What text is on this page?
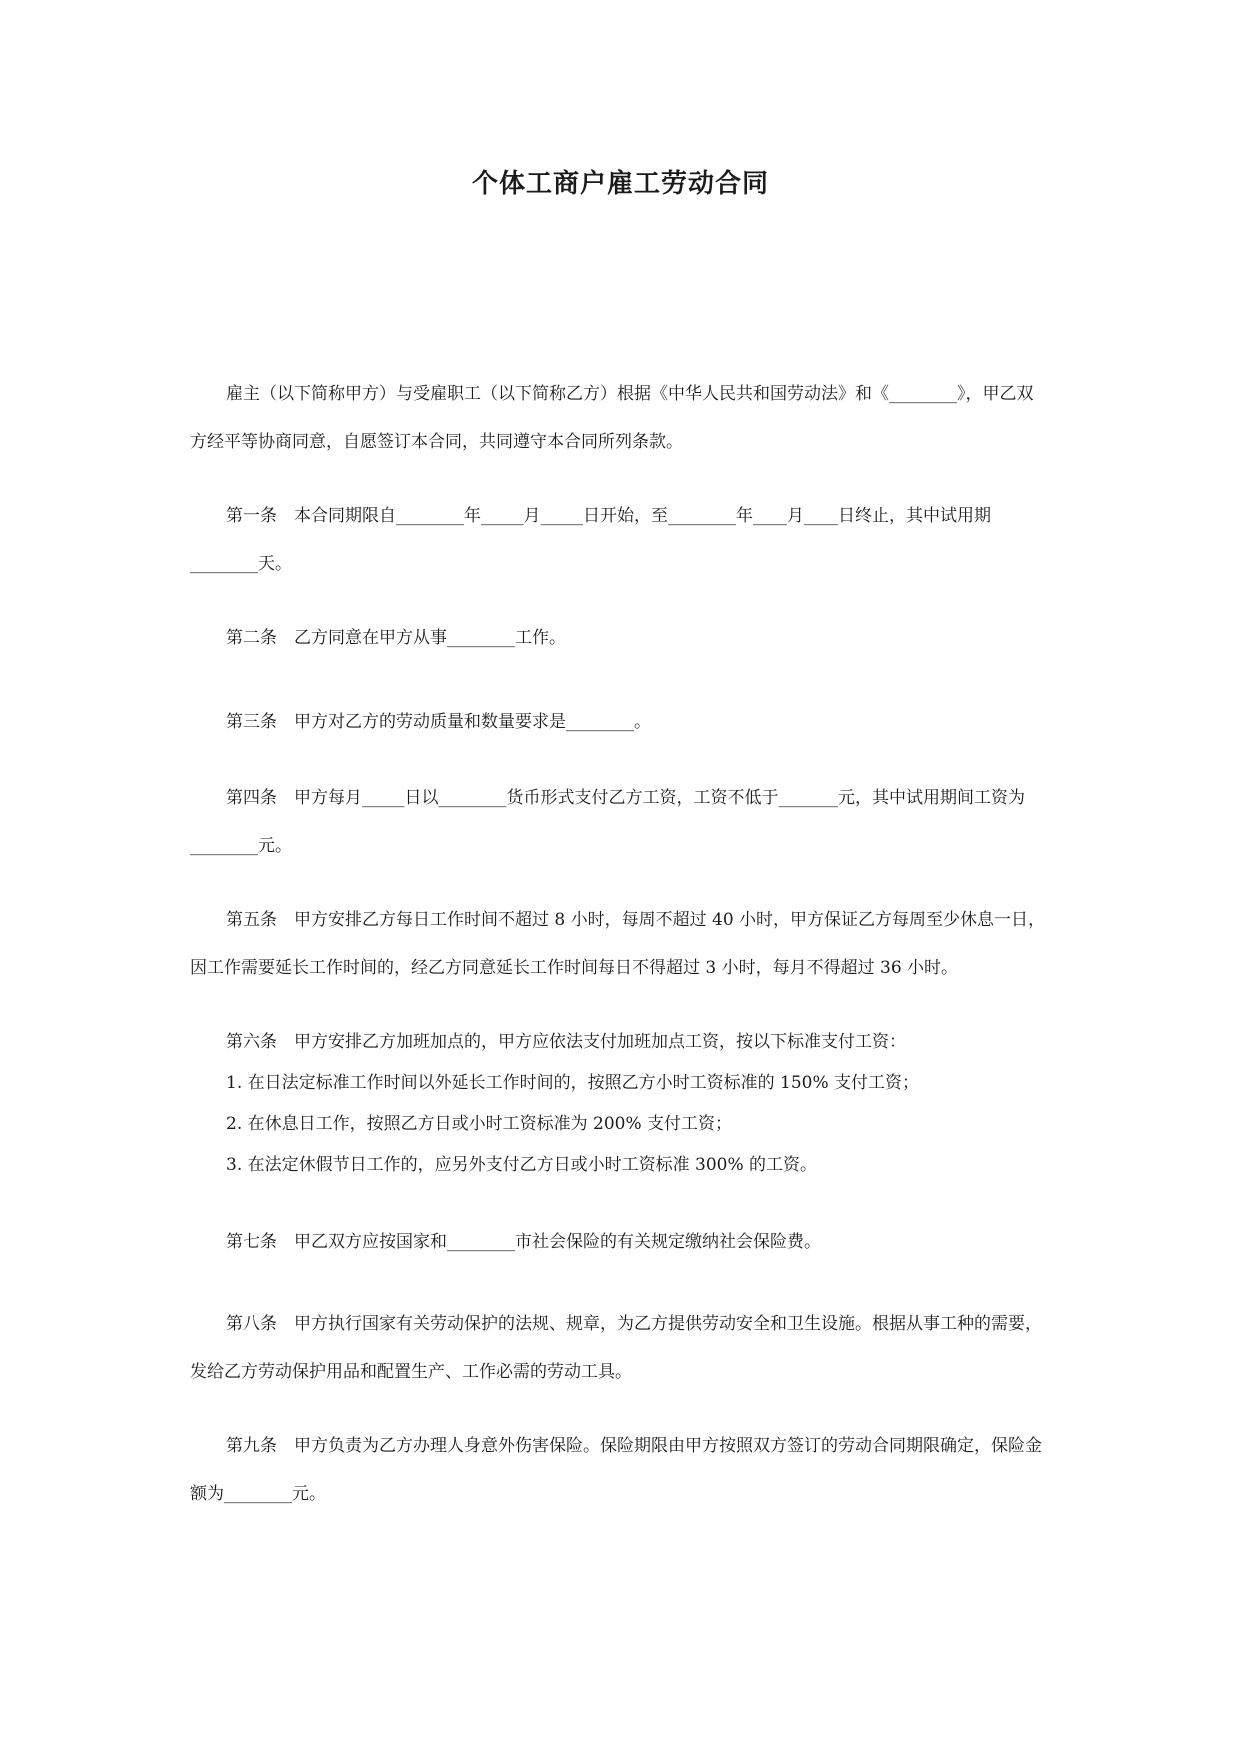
个体工商户雇工劳动合同

雇主（以下简称甲方）与受雇职工（以下简称乙方）根据《中华人民共和国劳动法》和《________》，甲乙双方经平等协商同意，自愿签订本合同，共同遵守本合同所列条款。

第一条　本合同期限自________年_____月_____日开始，至________年____月____日终止，其中试用期________天。

第二条　乙方同意在甲方从事________工作。

第三条　甲方对乙方的劳动质量和数量要求是________。

第四条　甲方每月_____日以________货币形式支付乙方工资，工资不低于_______元，其中试用期间工资为________元。

第五条　甲方安排乙方每日工作时间不超过 8 小时，每周不超过 40 小时，甲方保证乙方每周至少休息一日，因工作需要延长工作时间的，经乙方同意延长工作时间每日不得超过 3 小时，每月不得超过 36 小时。

第六条　甲方安排乙方加班加点的，甲方应依法支付加班加点工资，按以下标准支付工资：

1. 在日法定标准工作时间以外延长工作时间的，按照乙方小时工资标准的 150% 支付工资；

2. 在休息日工作，按照乙方日或小时工资标准为 200% 支付工资；

3. 在法定休假节日工作的，应另外支付乙方日或小时工资标准 300% 的工资。

第七条　甲乙双方应按国家和________市社会保险的有关规定缴纳社会保险费。

第八条　甲方执行国家有关劳动保护的法规、规章，为乙方提供劳动安全和卫生设施。根据从事工种的需要，发给乙方劳动保护用品和配置生产、工作必需的劳动工具。

第九条　甲方负责为乙方办理人身意外伤害保险。保险期限由甲方按照双方签订的劳动合同期限确定，保险金额为________元。
